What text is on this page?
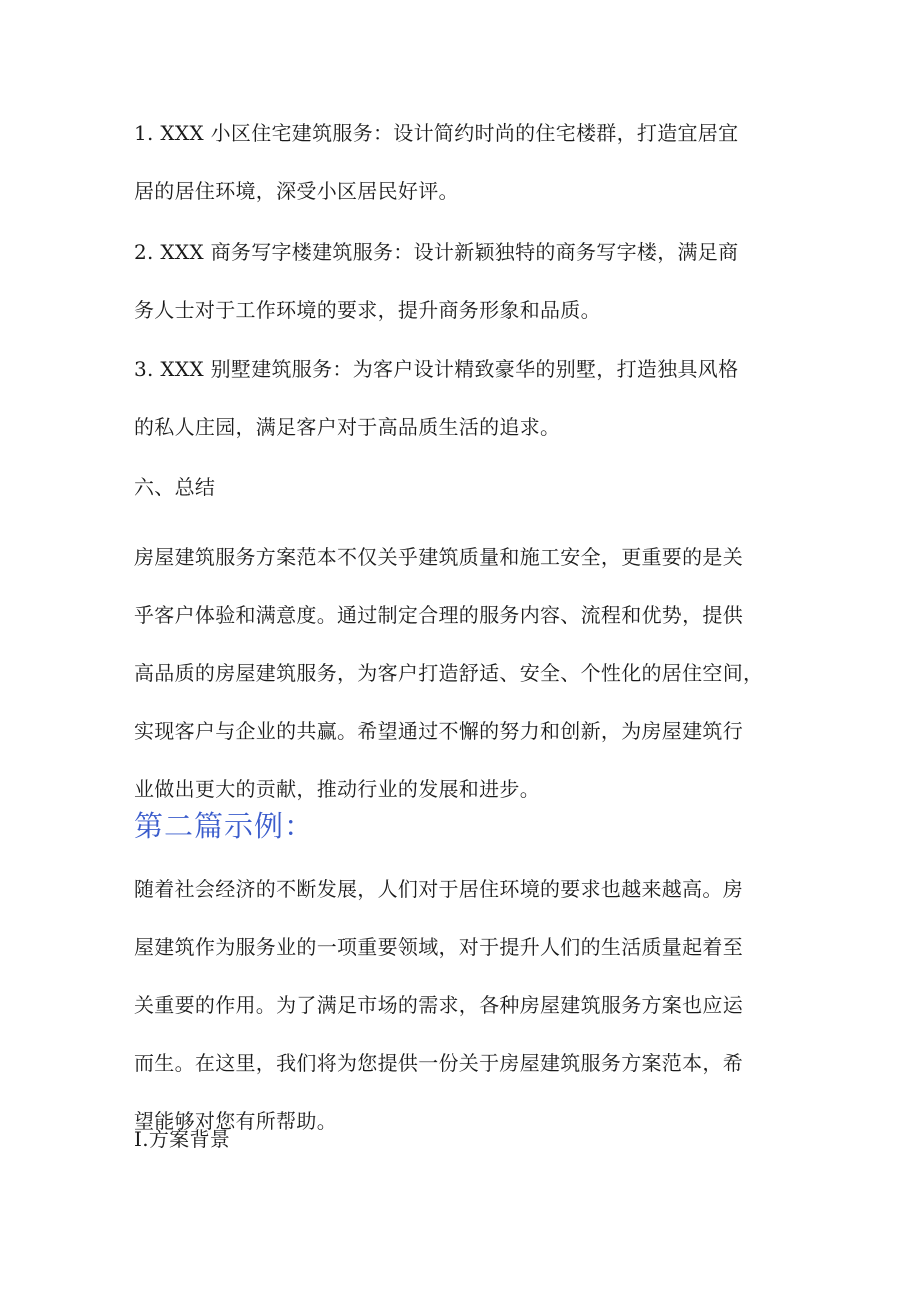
1. XXX 小区住宅建筑服务：设计简约时尚的住宅楼群，打造宜居宜
居的居住环境，深受小区居民好评。
2. XXX 商务写字楼建筑服务：设计新颖独特的商务写字楼，满足商
务人士对于工作环境的要求，提升商务形象和品质。
3. XXX 别墅建筑服务：为客户设计精致豪华的别墅，打造独具风格
的私人庄园，满足客户对于高品质生活的追求。
六、总结
房屋建筑服务方案范本不仅关乎建筑质量和施工安全，更重要的是关
乎客户体验和满意度。通过制定合理的服务内容、流程和优势，提供
高品质的房屋建筑服务，为客户打造舒适、安全、个性化的居住空间，
实现客户与企业的共赢。希望通过不懈的努力和创新，为房屋建筑行
业做出更大的贡献，推动行业的发展和进步。
第二篇示例：
随着社会经济的不断发展，人们对于居住环境的要求也越来越高。房
屋建筑作为服务业的一项重要领域，对于提升人们的生活质量起着至
关重要的作用。为了满足市场的需求，各种房屋建筑服务方案也应运
而生。在这里，我们将为您提供一份关于房屋建筑服务方案范本，希
望能够对您有所帮助。
I.方案背景
